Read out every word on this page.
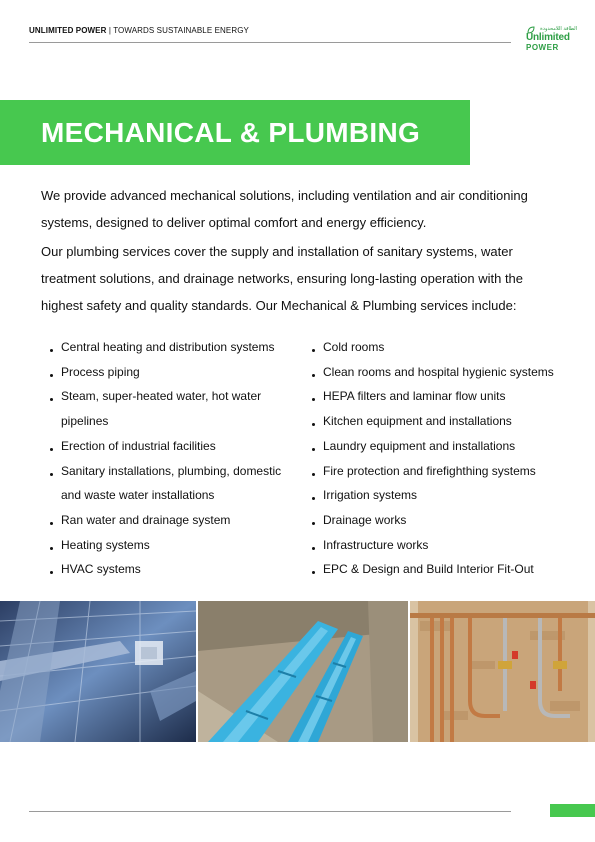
UNLIMITED POWER | TOWARDS SUSTAINABLE ENERGY	الطاقة اللامحدودة
Unlimited
POWER
MECHANICAL & PLUMBING

We provide advanced mechanical solutions, including ventilation and air conditioning systems, designed to deliver optimal comfort and energy efficiency.

Our plumbing services cover the supply and installation of sanitary systems, water treatment solutions, and drainage networks, ensuring long-lasting operation with the highest safety and quality standards. Our Mechanical & Plumbing services include:

Central heating and distribution systems
Process piping
Steam, super-heated water, hot water pipelines
Erection of industrial facilities
Sanitary installations, plumbing, domestic and waste water installations
Ran water and drainage system
Heating systems
HVAC systems
Cold rooms
Clean rooms and hospital hygienic systems
HEPA filters and laminar flow units
Kitchen equipment and installations
Laundry equipment and installations
Fire protection and firefighthing systems
Irrigation systems
Drainage works
Infrastructure works
EPC & Design and Build Interior Fit-Out
